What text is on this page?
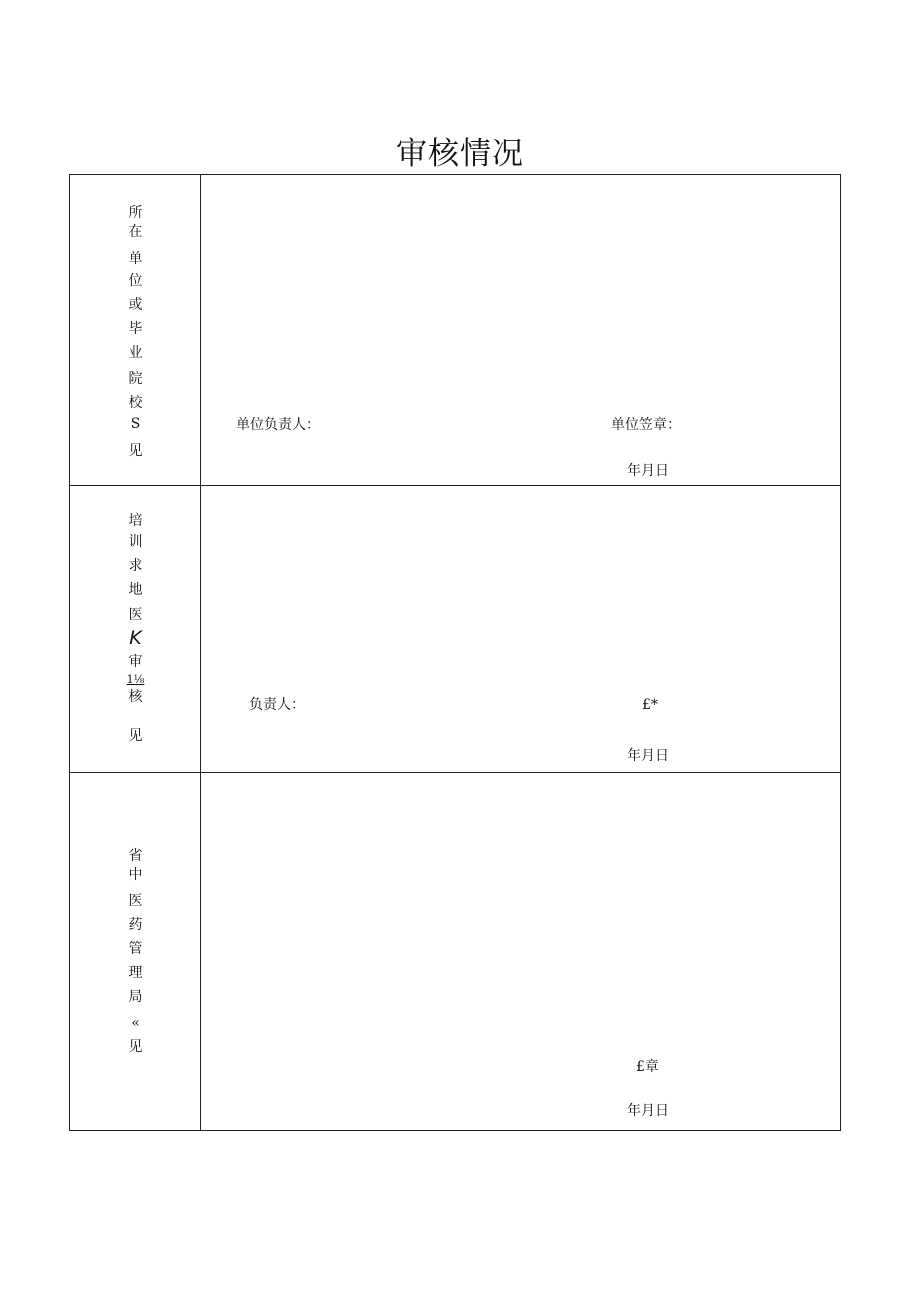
审核情况
所
在
单
位
或
毕
业
院
校
S
见
单位负责人：	单位笠章：
年月日
培
训
求
地
医
K
审
1⅛
核
见
负责人：	£*
年月日
省
中
医
药
管
理
局
«
见
£章
年月日
